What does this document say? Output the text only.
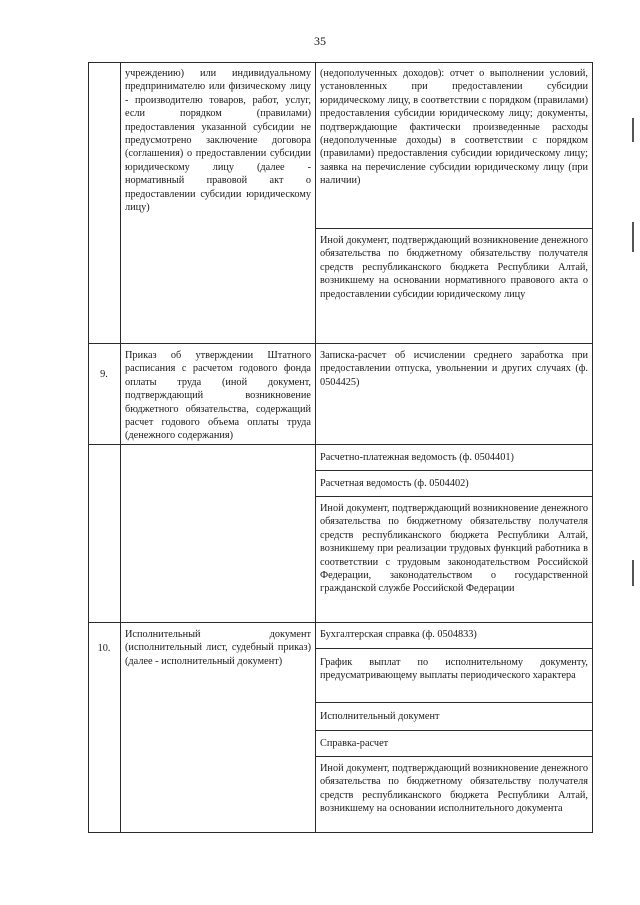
35
учреждению) или индивидуальному предпринимателю или физическому лицу - производителю товаров, работ, услуг, если порядком (правилами) предоставления указанной субсидии не предусмотрено заключение договора (соглашения) о предоставлении субсидии юридическому лицу (далее - нормативный правовой акт о предоставлении субсидии юридическому лицу)
(недополученных доходов): отчет о выполнении условий, установленных при предоставлении субсидии юридическому лицу, в соответствии с порядком (правилами) предоставления субсидии юридическому лицу; документы, подтверждающие фактически произведенные расходы (недополученные доходы) в соответствии с порядком (правилами) предоставления субсидии юридическому лицу; заявка на перечисление субсидии юридическому лицу (при наличии)
Иной документ, подтверждающий возникновение денежного обязательства по бюджетному обязательству получателя средств республиканского бюджета Республики Алтай, возникшему на основании нормативного правового акта о предоставлении субсидии юридическому лицу
9.
Приказ об утверждении Штатного расписания с расчетом годового фонда оплаты труда (иной документ, подтверждающий возникновение бюджетного обязательства, содержащий расчет годового объема оплаты труда (денежного содержания)
Записка-расчет об исчислении среднего заработка при предоставлении отпуска, увольнении и других случаях (ф. 0504425)
Расчетно-платежная ведомость (ф. 0504401)
Расчетная ведомость (ф. 0504402)
Иной документ, подтверждающий возникновение денежного обязательства по бюджетному обязательству получателя средств республиканского бюджета Республики Алтай, возникшему при реализации трудовых функций работника в соответствии с трудовым законодательством Российской Федерации, законодательством о государственной гражданской службе Российской Федерации
10.
Исполнительный документ (исполнительный лист, судебный приказ) (далее - исполнительный документ)
Бухгалтерская справка (ф. 0504833)
График выплат по исполнительному документу, предусматривающему выплаты периодического характера
Исполнительный документ
Справка-расчет
Иной документ, подтверждающий возникновение денежного обязательства по бюджетному обязательству получателя средств республиканского бюджета Республики Алтай, возникшему на основании исполнительного документа
